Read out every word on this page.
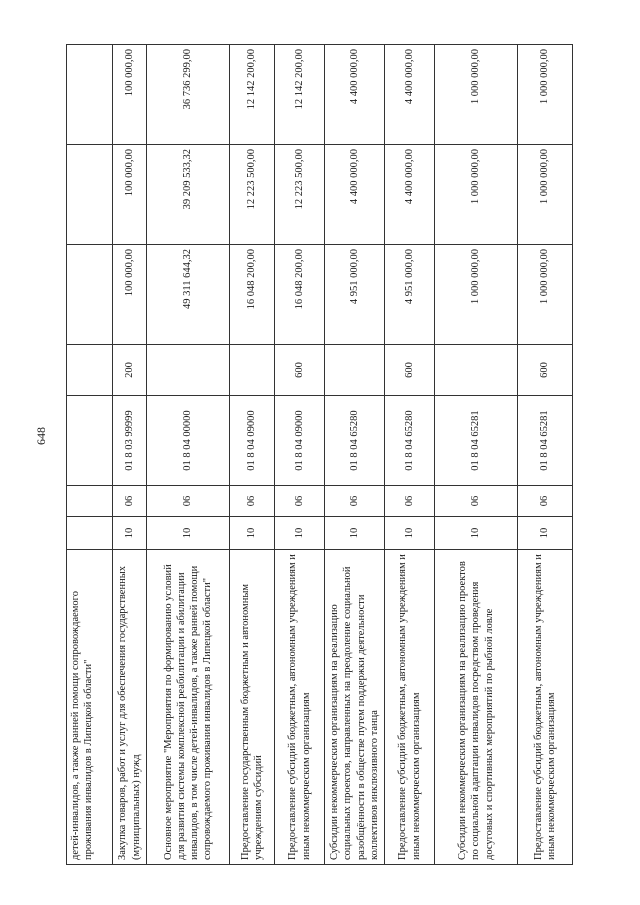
648
детей-инвалидов, а также ранней помощи сопровождаемого проживания инвалидов в Липецкой области"							
Закупка товаров, работ и услуг для обеспечения государственных (муниципальных) нужд	10	06	01 8 03 99999	200	100 000,00	100 000,00	100 000,00
Основное мероприятие "Мероприятия по формированию условий для развития системы комплексной реабилитации и абилитации инвалидов, в том числе детей-инвалидов, а также ранней помощи сопровождаемого проживания инвалидов в Липецкой области"	10	06	01 8 04 00000		49 311 644,32	39 209 533,32	36 736 299,00
Предоставление государственным бюджетным и автономным учреждениям субсидий	10	06	01 8 04 09000		16 048 200,00	12 223 500,00	12 142 200,00
Предоставление субсидий бюджетным, автономным учреждениям и иным некоммерческим организациям	10	06	01 8 04 09000	600	16 048 200,00	12 223 500,00	12 142 200,00
Субсидии некоммерческим организациям на реализацию социальных проектов, направленных на преодоление социальной разобщённости в обществе путем поддержки деятельности коллективов инклюзивного танца	10	06	01 8 04 65280		4 951 000,00	4 400 000,00	4 400 000,00
Предоставление субсидий бюджетным, автономным учреждениям и иным некоммерческим организациям	10	06	01 8 04 65280	600	4 951 000,00	4 400 000,00	4 400 000,00
Субсидии некоммерческим организациям на реализацию проектов по социальной адаптации инвалидов посредством проведения досуговых и спортивных мероприятий по рыбной ловле	10	06	01 8 04 65281		1 000 000,00	1 000 000,00	1 000 000,00
Предоставление субсидий бюджетным, автономным учреждениям и иным некоммерческим организациям	10	06	01 8 04 65281	600	1 000 000,00	1 000 000,00	1 000 000,00
